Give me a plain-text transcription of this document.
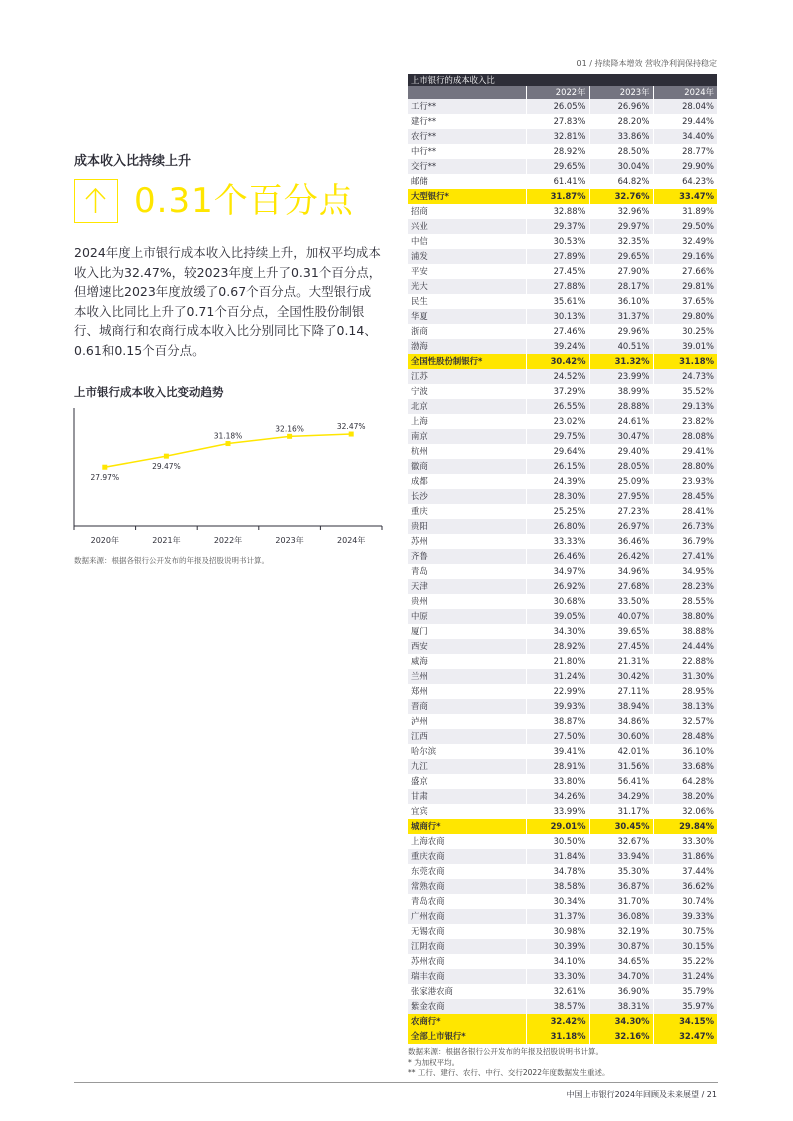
01 / 持续降本增效 营收净利润保持稳定
成本收入比持续上升
0.31个百分点
2024年度上市银行成本收入比持续上升，加权平均成本收入比为32.47%，较2023年度上升了0.31个百分点，但增速比2023年度放缓了0.67个百分点。大型银行成本收入比同比上升了0.71个百分点，全国性股份制银行、城商行和农商行成本收入比分别同比下降了0.14、0.61和0.15个百分点。
上市银行成本收入比变动趋势
27.97%
2020年
29.47%
2021年
31.18%
2022年
32.16%
2023年
32.47%
2024年
数据来源：根据各银行公开发布的年报及招股说明书计算。
上市银行的成本收入比			
	2022年	2023年	2024年
工行**	26.05%	26.96%	28.04%
建行**	27.83%	28.20%	29.44%
农行**	32.81%	33.86%	34.40%
中行**	28.92%	28.50%	28.77%
交行**	29.65%	30.04%	29.90%
邮储	61.41%	64.82%	64.23%
大型银行*	31.87%	32.76%	33.47%
招商	32.88%	32.96%	31.89%
兴业	29.37%	29.97%	29.50%
中信	30.53%	32.35%	32.49%
浦发	27.89%	29.65%	29.16%
平安	27.45%	27.90%	27.66%
光大	27.88%	28.17%	29.81%
民生	35.61%	36.10%	37.65%
华夏	30.13%	31.37%	29.80%
浙商	27.46%	29.96%	30.25%
渤海	39.24%	40.51%	39.01%
全国性股份制银行*	30.42%	31.32%	31.18%
江苏	24.52%	23.99%	24.73%
宁波	37.29%	38.99%	35.52%
北京	26.55%	28.88%	29.13%
上海	23.02%	24.61%	23.82%
南京	29.75%	30.47%	28.08%
杭州	29.64%	29.40%	29.41%
徽商	26.15%	28.05%	28.80%
成都	24.39%	25.09%	23.93%
长沙	28.30%	27.95%	28.45%
重庆	25.25%	27.23%	28.41%
贵阳	26.80%	26.97%	26.73%
苏州	33.33%	36.46%	36.79%
齐鲁	26.46%	26.42%	27.41%
青岛	34.97%	34.96%	34.95%
天津	26.92%	27.68%	28.23%
贵州	30.68%	33.50%	28.55%
中原	39.05%	40.07%	38.80%
厦门	34.30%	39.65%	38.88%
西安	28.92%	27.45%	24.44%
威海	21.80%	21.31%	22.88%
兰州	31.24%	30.42%	31.30%
郑州	22.99%	27.11%	28.95%
晋商	39.93%	38.94%	38.13%
泸州	38.87%	34.86%	32.57%
江西	27.50%	30.60%	28.48%
哈尔滨	39.41%	42.01%	36.10%
九江	28.91%	31.56%	33.68%
盛京	33.80%	56.41%	64.28%
甘肃	34.26%	34.29%	38.20%
宜宾	33.99%	31.17%	32.06%
城商行*	29.01%	30.45%	29.84%
上海农商	30.50%	32.67%	33.30%
重庆农商	31.84%	33.94%	31.86%
东莞农商	34.78%	35.30%	37.44%
常熟农商	38.58%	36.87%	36.62%
青岛农商	30.34%	31.70%	30.74%
广州农商	31.37%	36.08%	39.33%
无锡农商	30.98%	32.19%	30.75%
江阴农商	30.39%	30.87%	30.15%
苏州农商	34.10%	34.65%	35.22%
瑞丰农商	33.30%	34.70%	31.24%
张家港农商	32.61%	36.90%	35.79%
紫金农商	38.57%	38.31%	35.97%
农商行*	32.42%	34.30%	34.15%
全部上市银行*	31.18%	32.16%	32.47%
数据来源：根据各银行公开发布的年报及招股说明书计算。
* 为加权平均。
** 工行、建行、农行、中行、交行2022年度数据发生重述。
中国上市银行2024年回顾及未来展望 / 21
